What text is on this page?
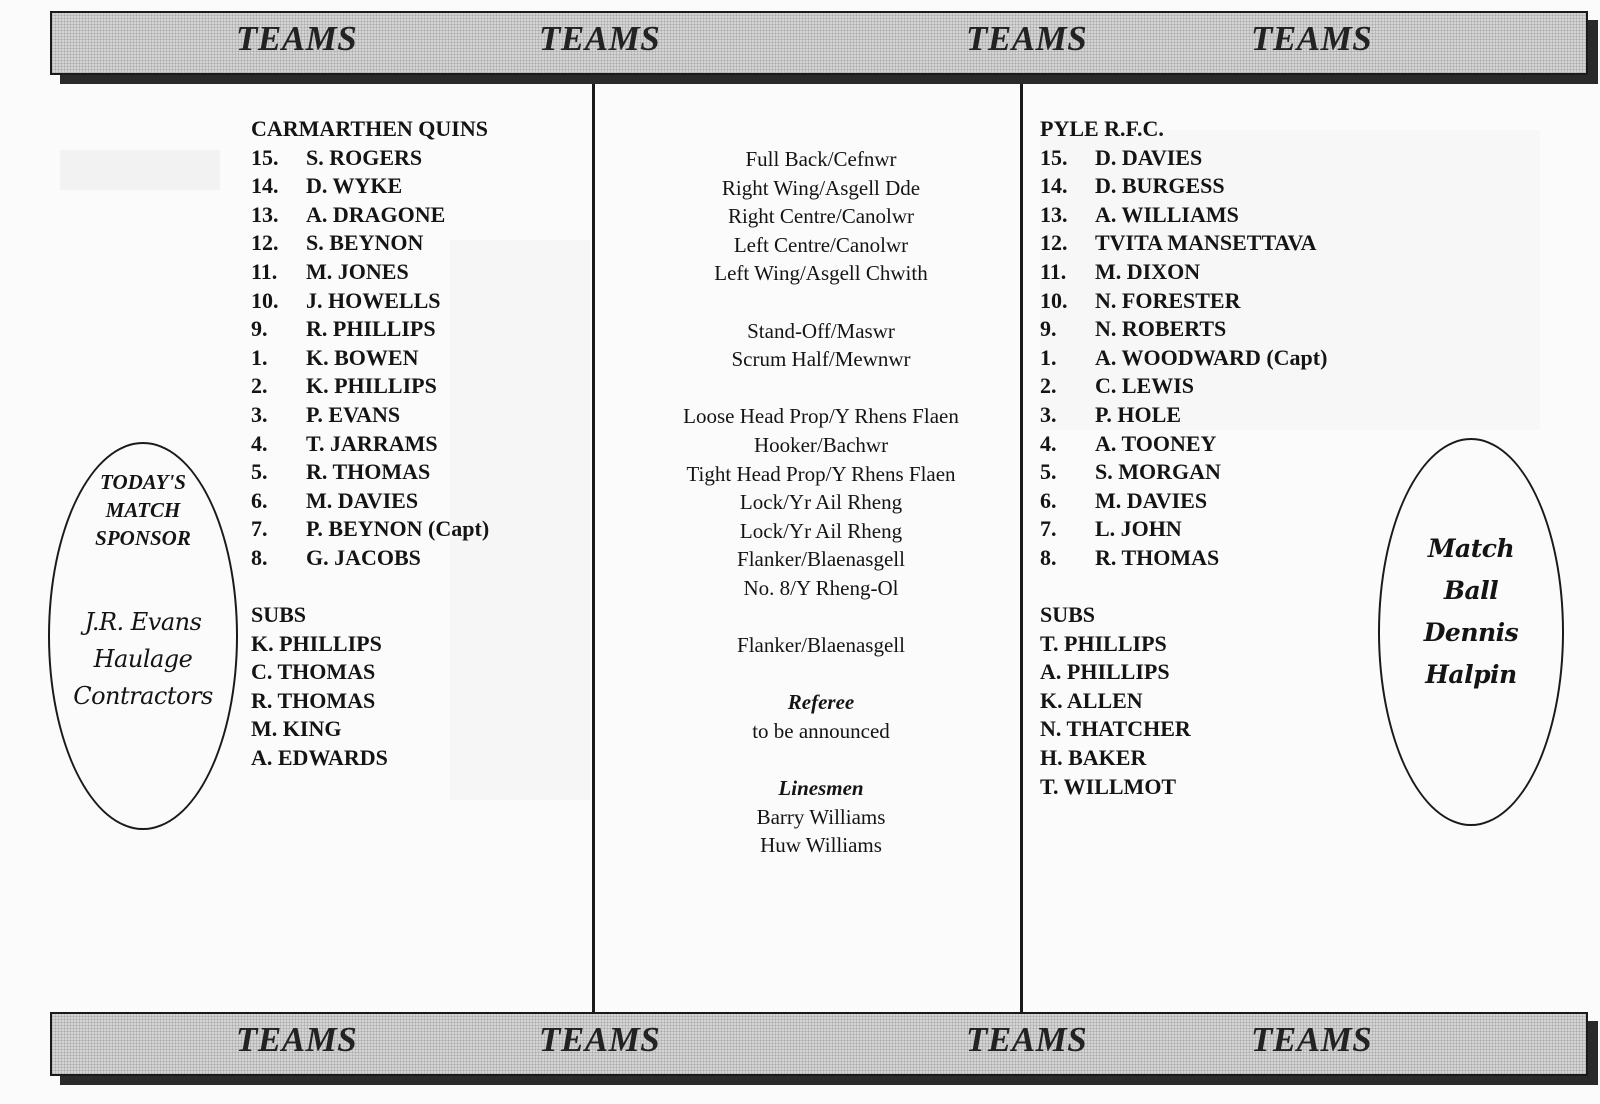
TEAMS	TEAMS	TEAMS	TEAMS
CARMARTHEN QUINS
15. S. ROGERS
14. D. WYKE
13. A. DRAGONE
12. S. BEYNON
11. M. JONES
10. J. HOWELLS
9. R. PHILLIPS
1. K. BOWEN
2. K. PHILLIPS
3. P. EVANS
4. T. JARRAMS
5. R. THOMAS
6. M. DAVIES
7. P. BEYNON (Capt)
8. G. JACOBS
SUBS
K. PHILLIPS
C. THOMAS
R. THOMAS
M. KING
A. EDWARDS
Full Back/Cefnwr
Right Wing/Asgell Dde
Right Centre/Canolwr
Left Centre/Canolwr
Left Wing/Asgell Chwith
Stand-Off/Maswr
Scrum Half/Mewnwr
Loose Head Prop/Y Rhens Flaen
Hooker/Bachwr
Tight Head Prop/Y Rhens Flaen
Lock/Yr Ail Rheng
Lock/Yr Ail Rheng
Flanker/Blaenasgell
No. 8/Y Rheng-Ol
Flanker/Blaenasgell
Referee
to be announced
Linesmen
Barry Williams
Huw Williams
PYLE R.F.C.
15. D. DAVIES
14. D. BURGESS
13. A. WILLIAMS
12. TVITA MANSETTAVA
11. M. DIXON
10. N. FORESTER
9. N. ROBERTS
1. A. WOODWARD (Capt)
2. C. LEWIS
3. P. HOLE
4. A. TOONEY
5. S. MORGAN
6. M. DAVIES
7. L. JOHN
8. R. THOMAS
SUBS
T. PHILLIPS
A. PHILLIPS
K. ALLEN
N. THATCHER
H. BAKER
T. WILLMOT
TODAY'S
MATCH
SPONSOR
J.R. Evans
Haulage
Contractors
Match
Ball
Dennis
Halpin
TEAMS	TEAMS	TEAMS	TEAMS
